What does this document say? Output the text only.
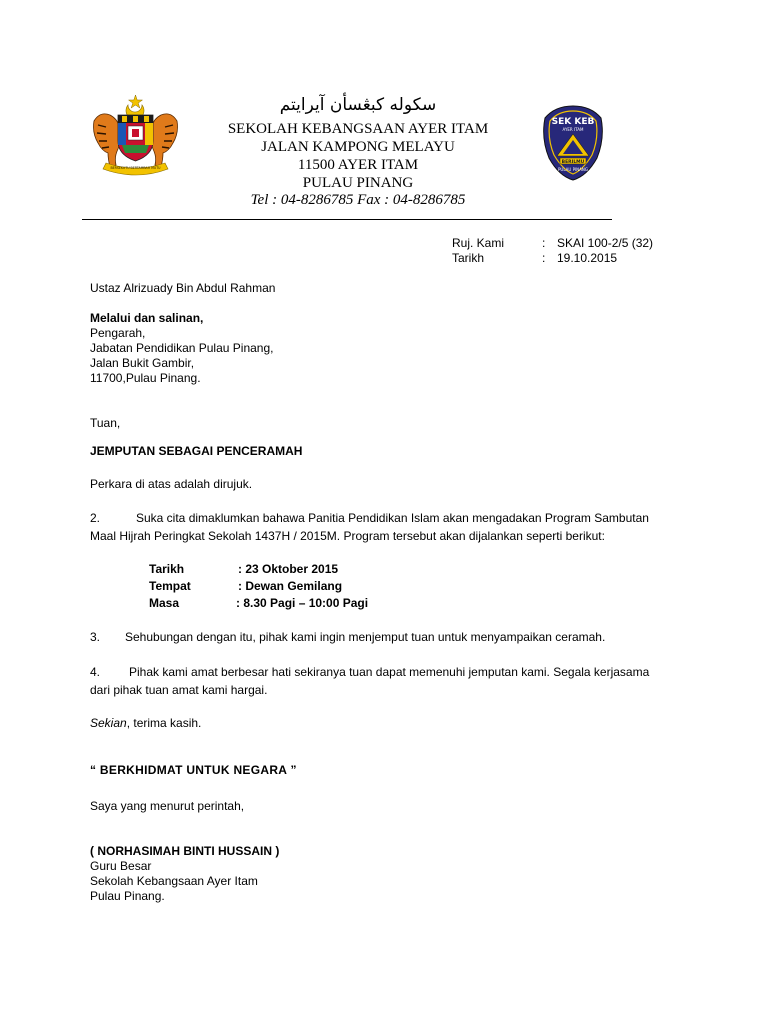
BERSEKUTU BERTAMBAH MUTU
سکوله کبڠسأن آيرايتم
SEKOLAH KEBANGSAAN AYER ITAM
JALAN KAMPONG MELAYU
11500 AYER ITAM
PULAU PINANG
Tel : 04-8286785 Fax : 04-8286785
SEK KEB
AYER ITAM
BERILMU
PULAU PINANG
Ruj. Kami	: SKAI 100-2/5 (32)
Tarikh	: 19.10.2015
Ustaz Alrizuady Bin Abdul Rahman
Melalui dan salinan,
Pengarah,
Jabatan Pendidikan Pulau Pinang,
Jalan Bukit Gambir,
11700,Pulau Pinang.
Tuan,
JEMPUTAN SEBAGAI PENCERAMAH
Perkara di atas adalah dirujuk.
2.	Suka cita dimaklumkan bahawa Panitia Pendidikan Islam akan mengadakan Program Sambutan
Maal Hijrah Peringkat Sekolah 1437H / 2015M. Program tersebut akan dijalankan seperti berikut:
Tarikh	: 23 Oktober 2015
Tempat	: Dewan Gemilang
Masa	: 8.30 Pagi – 10:00 Pagi
3. Sehubungan dengan itu, pihak kami ingin menjemput tuan untuk menyampaikan ceramah.
4. Pihak kami amat berbesar hati sekiranya tuan dapat memenuhi jemputan kami. Segala kerjasama
dari pihak tuan amat kami hargai.
Sekian, terima kasih.
“ BERKHIDMAT UNTUK NEGARA ”
Saya yang menurut perintah,
( NORHASIMAH BINTI HUSSAIN )
Guru Besar
Sekolah Kebangsaan Ayer Itam
Pulau Pinang.
